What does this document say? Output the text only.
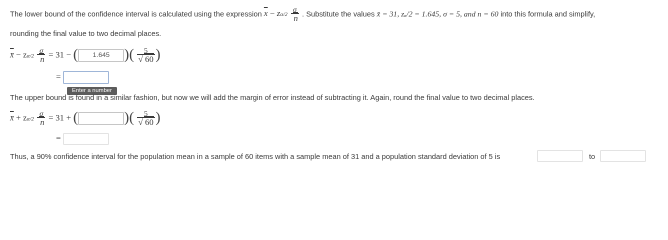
The lower bound of the confidence interval is calculated using the expression $\overline{x} - z\alpha/2 \frac{\sigma}{n}$ . Substitute the values x̄ = 31, zₐ/2 = 1.645, σ = 5, and n = 60 into this formula and simplify,
rounding the final value to two decimal places.
x̄ − $z\alpha/2 \frac{\sigma}{n} = 31$ − ( 1.645 )( $\frac{5}{√ 60}$ )
=
Enter a number
The upper bound is found in a similar fashion, but now we will add the margin of error instead of subtracting it. Again, round the final value to two decimal places.
x̄ + $z\alpha/2 \frac{\sigma}{n} = 31$ + (	)( $\frac{5}{√ 60}$ )
=
Thus, a 90% confidence interval for the population mean in a sample of 60 items with a sample mean of 31 and a population standard deviation of 5 is	to
